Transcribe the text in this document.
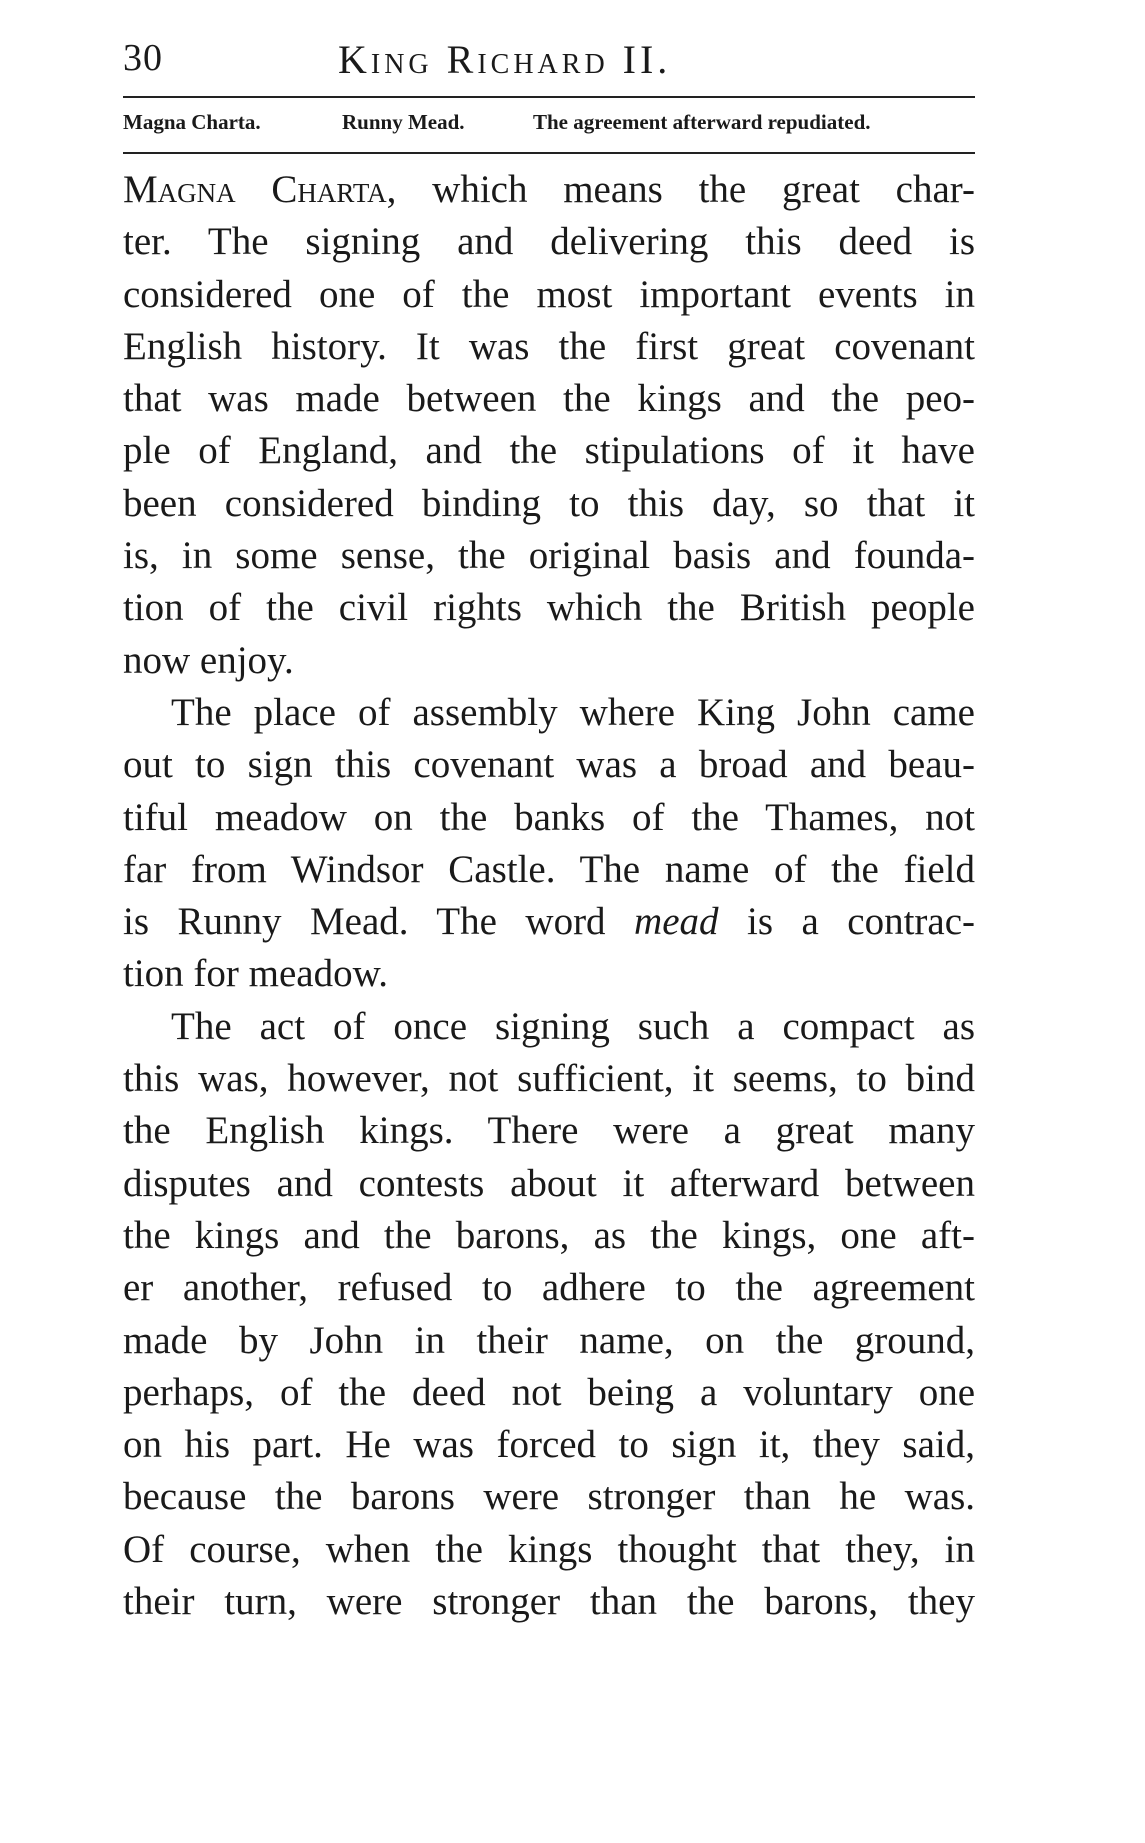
30	King Richard II.
Magna Charta.	Runny Mead.	The agreement afterward repudiated.
Magna Charta, which means the great char-
ter. The signing and delivering this deed is
considered one of the most important events in
English history. It was the first great covenant
that was made between the kings and the peo-
ple of England, and the stipulations of it have
been considered binding to this day, so that it
is, in some sense, the original basis and founda-
tion of the civil rights which the British people
now enjoy.
The place of assembly where King John came
out to sign this covenant was a broad and beau-
tiful meadow on the banks of the Thames, not
far from Windsor Castle. The name of the field
is Runny Mead. The word mead is a contrac-
tion for meadow.
The act of once signing such a compact as
this was, however, not sufficient, it seems, to bind
the English kings. There were a great many
disputes and contests about it afterward between
the kings and the barons, as the kings, one aft-
er another, refused to adhere to the agreement
made by John in their name, on the ground,
perhaps, of the deed not being a voluntary one
on his part. He was forced to sign it, they said,
because the barons were stronger than he was.
Of course, when the kings thought that they, in
their turn, were stronger than the barons, they
